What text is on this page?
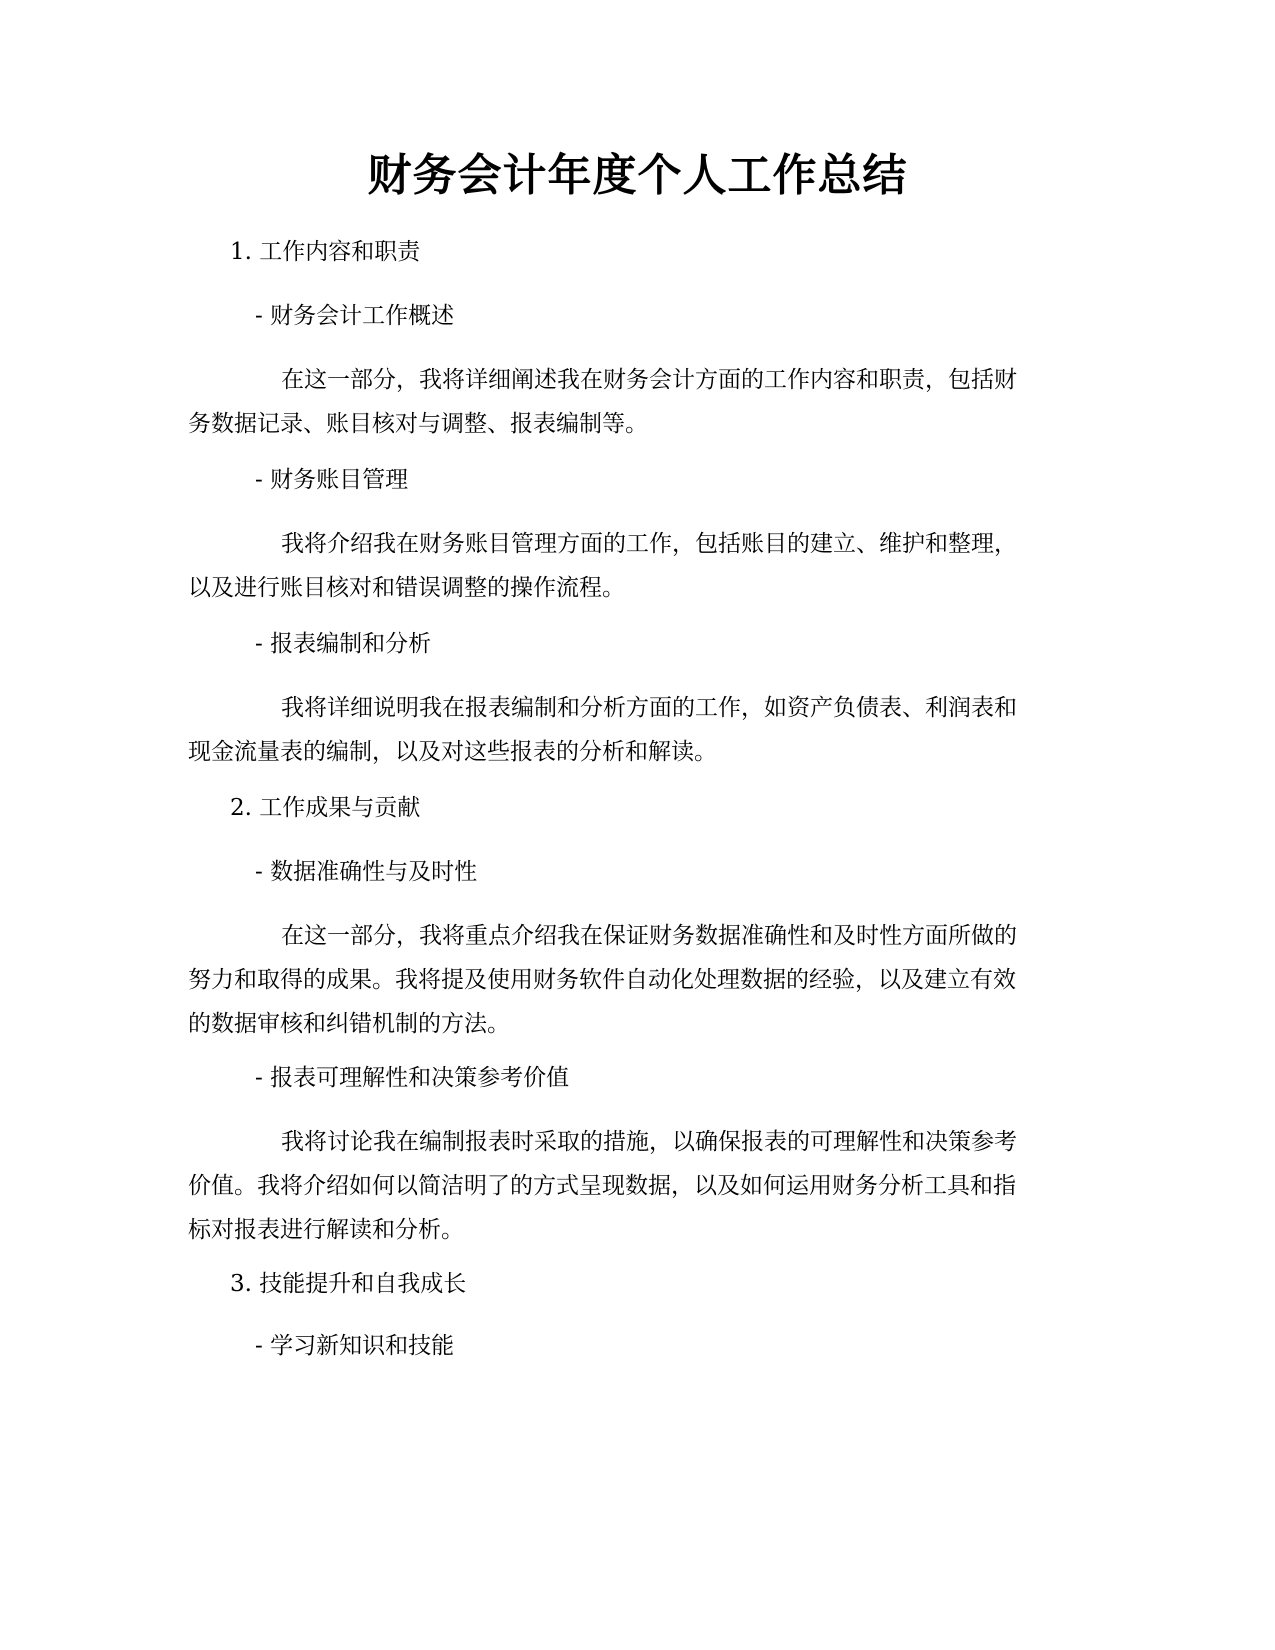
财务会计年度个人工作总结
1. 工作内容和职责
- 财务会计工作概述
在这一部分，我将详细阐述我在财务会计方面的工作内容和职责，包括财
务数据记录、账目核对与调整、报表编制等。
- 财务账目管理
我将介绍我在财务账目管理方面的工作，包括账目的建立、维护和整理，
以及进行账目核对和错误调整的操作流程。
- 报表编制和分析
我将详细说明我在报表编制和分析方面的工作，如资产负债表、利润表和
现金流量表的编制，以及对这些报表的分析和解读。
2. 工作成果与贡献
- 数据准确性与及时性
在这一部分，我将重点介绍我在保证财务数据准确性和及时性方面所做的
努力和取得的成果。我将提及使用财务软件自动化处理数据的经验，以及建立有效
的数据审核和纠错机制的方法。
- 报表可理解性和决策参考价值
我将讨论我在编制报表时采取的措施，以确保报表的可理解性和决策参考
价值。我将介绍如何以简洁明了的方式呈现数据，以及如何运用财务分析工具和指
标对报表进行解读和分析。
3. 技能提升和自我成长
- 学习新知识和技能
